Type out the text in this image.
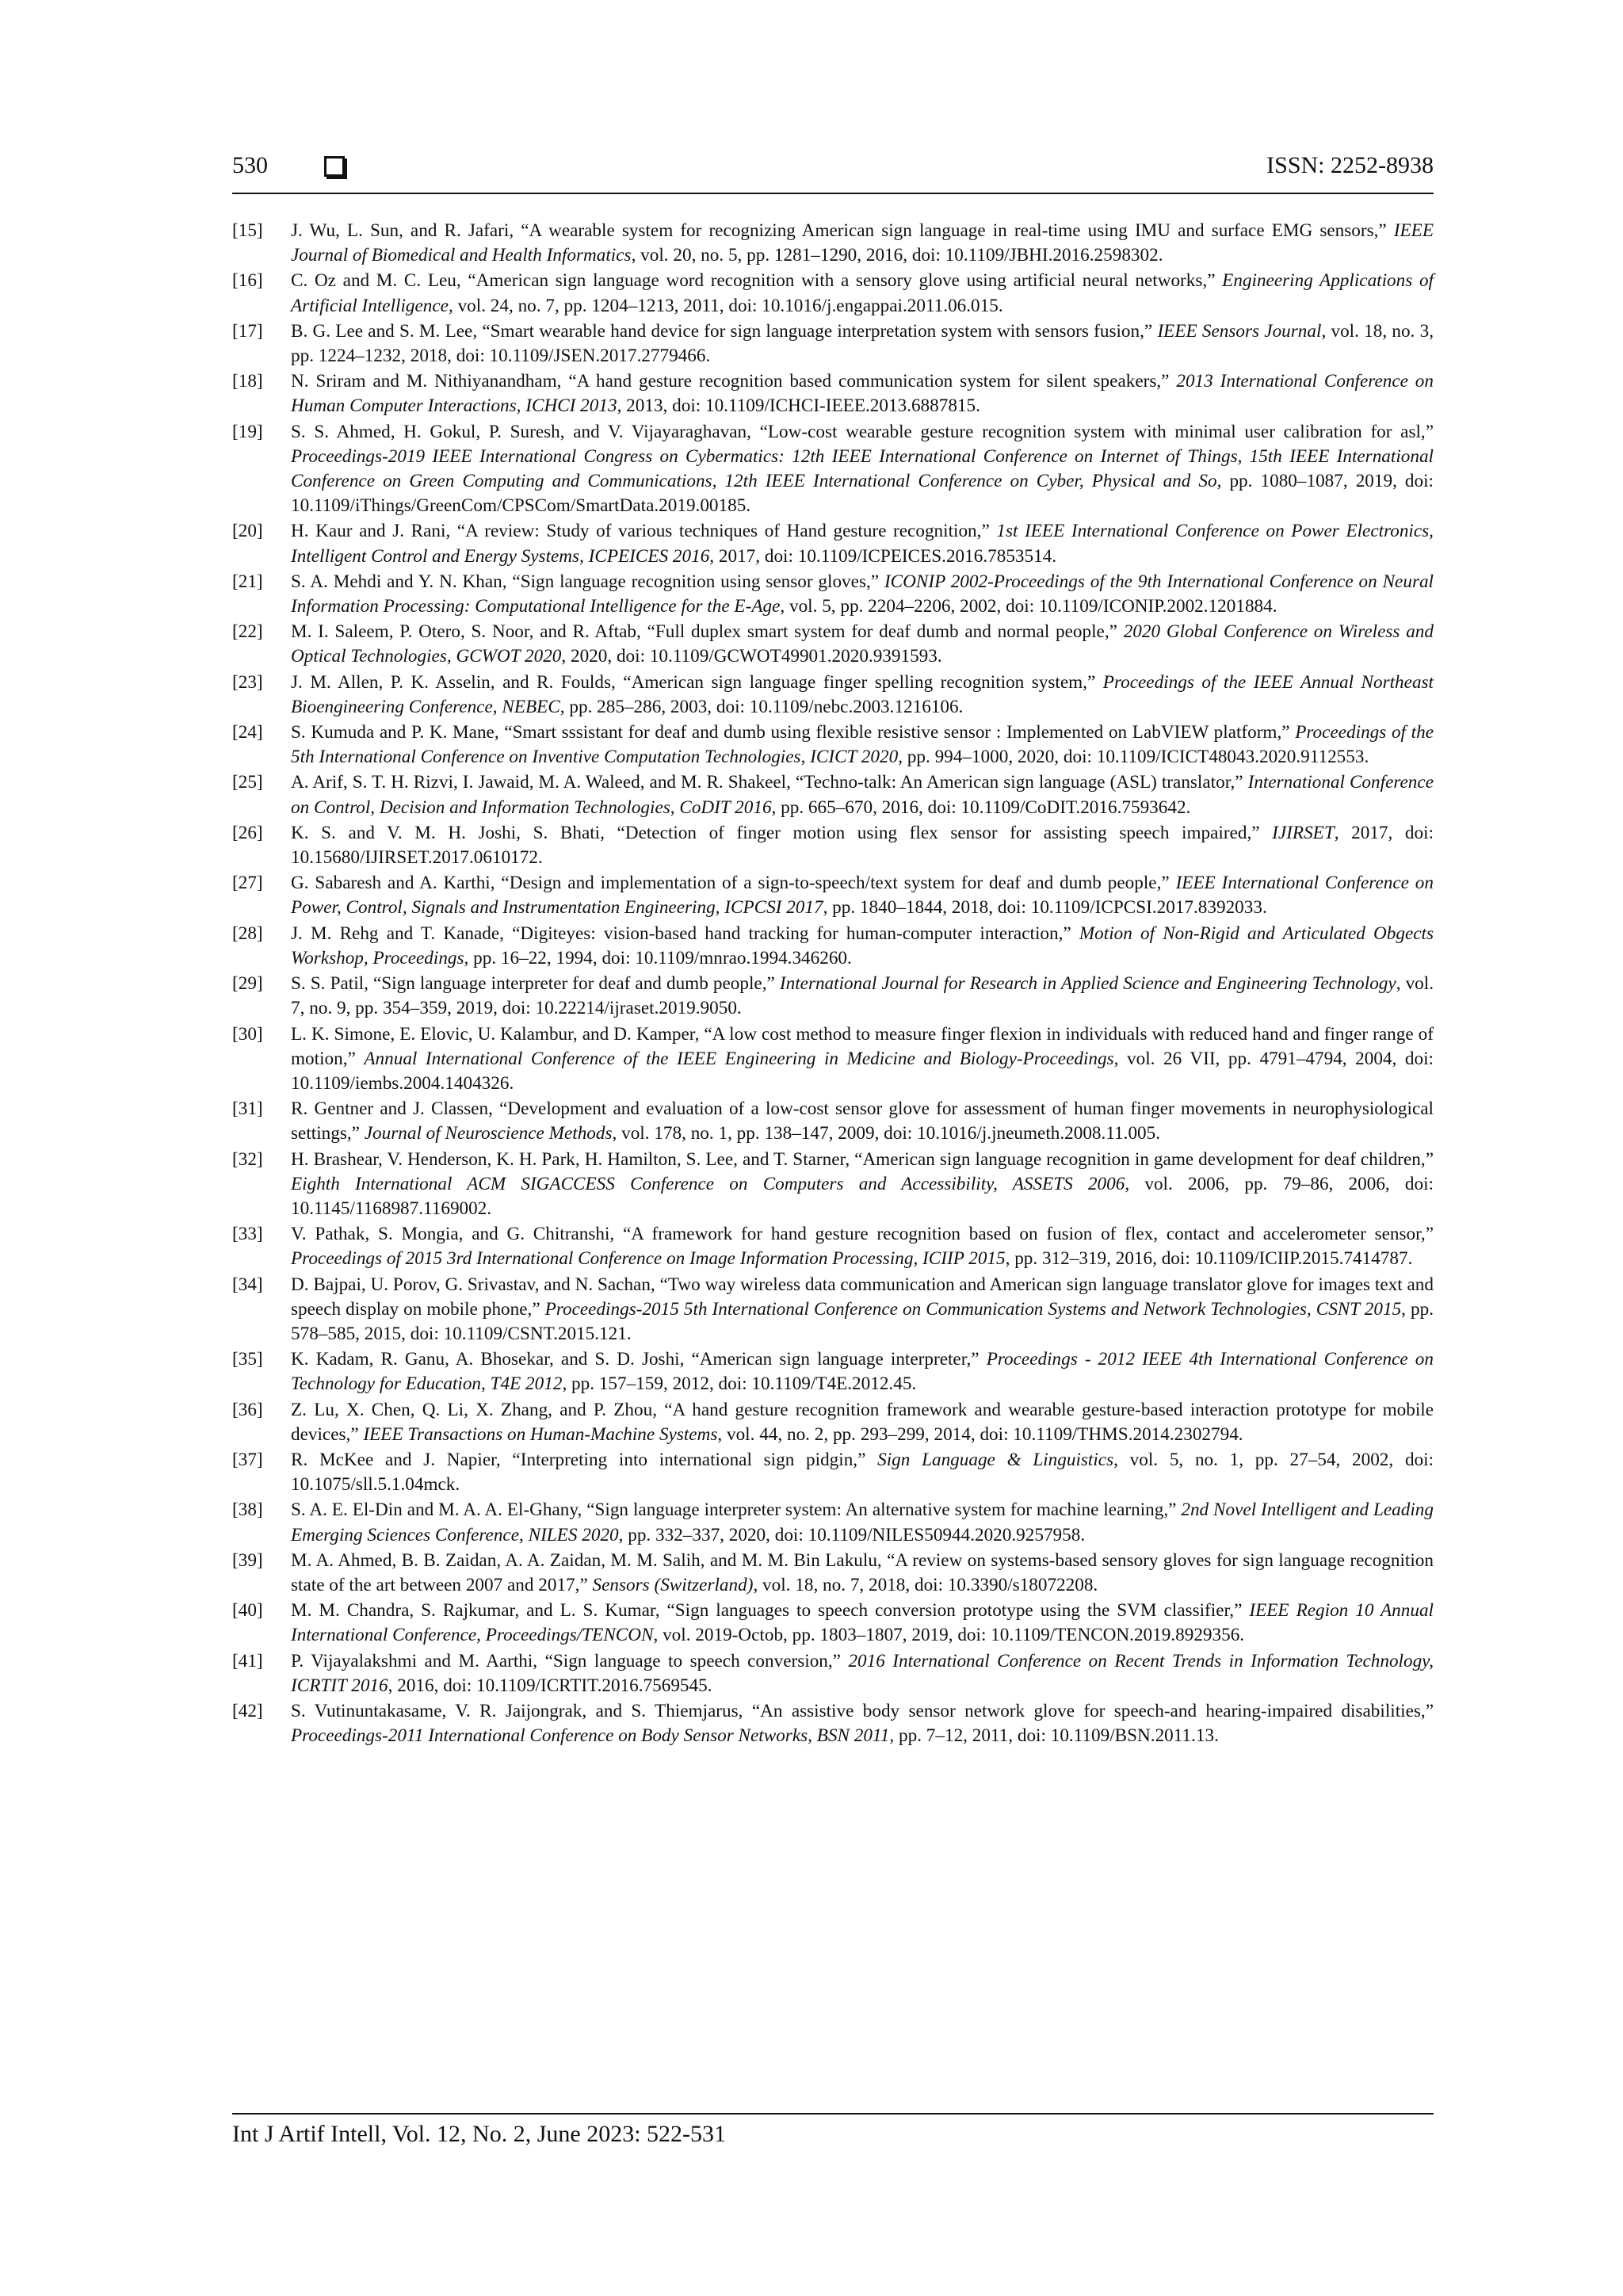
530	ISSN: 2252-8938
[15]	J. Wu, L. Sun, and R. Jafari, “A wearable system for recognizing American sign language in real-time using IMU and surface EMG sensors,” IEEE Journal of Biomedical and Health Informatics, vol. 20, no. 5, pp. 1281–1290, 2016, doi: 10.1109/JBHI.2016.2598302.
[16]	C. Oz and M. C. Leu, “American sign language word recognition with a sensory glove using artificial neural networks,” Engineering Applications of Artificial Intelligence, vol. 24, no. 7, pp. 1204–1213, 2011, doi: 10.1016/j.engappai.2011.06.015.
[17]	B. G. Lee and S. M. Lee, “Smart wearable hand device for sign language interpretation system with sensors fusion,” IEEE Sensors Journal, vol. 18, no. 3, pp. 1224–1232, 2018, doi: 10.1109/JSEN.2017.2779466.
[18]	N. Sriram and M. Nithiyanandham, “A hand gesture recognition based communication system for silent speakers,” 2013 International Conference on Human Computer Interactions, ICHCI 2013, 2013, doi: 10.1109/ICHCI-IEEE.2013.6887815.
[19]	S. S. Ahmed, H. Gokul, P. Suresh, and V. Vijayaraghavan, “Low-cost wearable gesture recognition system with minimal user calibration for asl,” Proceedings-2019 IEEE International Congress on Cybermatics: 12th IEEE International Conference on Internet of Things, 15th IEEE International Conference on Green Computing and Communications, 12th IEEE International Conference on Cyber, Physical and So, pp. 1080–1087, 2019, doi: 10.1109/iThings/GreenCom/CPSCom/SmartData.2019.00185.
[20]	H. Kaur and J. Rani, “A review: Study of various techniques of Hand gesture recognition,” 1st IEEE International Conference on Power Electronics, Intelligent Control and Energy Systems, ICPEICES 2016, 2017, doi: 10.1109/ICPEICES.2016.7853514.
[21]	S. A. Mehdi and Y. N. Khan, “Sign language recognition using sensor gloves,” ICONIP 2002-Proceedings of the 9th International Conference on Neural Information Processing: Computational Intelligence for the E-Age, vol. 5, pp. 2204–2206, 2002, doi: 10.1109/ICONIP.2002.1201884.
[22]	M. I. Saleem, P. Otero, S. Noor, and R. Aftab, “Full duplex smart system for deaf dumb and normal people,” 2020 Global Conference on Wireless and Optical Technologies, GCWOT 2020, 2020, doi: 10.1109/GCWOT49901.2020.9391593.
[23]	J. M. Allen, P. K. Asselin, and R. Foulds, “American sign language finger spelling recognition system,” Proceedings of the IEEE Annual Northeast Bioengineering Conference, NEBEC, pp. 285–286, 2003, doi: 10.1109/nebc.2003.1216106.
[24]	S. Kumuda and P. K. Mane, “Smart sssistant for deaf and dumb using flexible resistive sensor : Implemented on LabVIEW platform,” Proceedings of the 5th International Conference on Inventive Computation Technologies, ICICT 2020, pp. 994–1000, 2020, doi: 10.1109/ICICT48043.2020.9112553.
[25]	A. Arif, S. T. H. Rizvi, I. Jawaid, M. A. Waleed, and M. R. Shakeel, “Techno-talk: An American sign language (ASL) translator,” International Conference on Control, Decision and Information Technologies, CoDIT 2016, pp. 665–670, 2016, doi: 10.1109/CoDIT.2016.7593642.
[26]	K. S. and V. M. H. Joshi, S. Bhati, “Detection of finger motion using flex sensor for assisting speech impaired,” IJIRSET, 2017, doi: 10.15680/IJIRSET.2017.0610172.
[27]	G. Sabaresh and A. Karthi, “Design and implementation of a sign-to-speech/text system for deaf and dumb people,” IEEE International Conference on Power, Control, Signals and Instrumentation Engineering, ICPCSI 2017, pp. 1840–1844, 2018, doi: 10.1109/ICPCSI.2017.8392033.
[28]	J. M. Rehg and T. Kanade, “Digiteyes: vision-based hand tracking for human-computer interaction,” Motion of Non-Rigid and Articulated Obgects Workshop, Proceedings, pp. 16–22, 1994, doi: 10.1109/mnrao.1994.346260.
[29]	S. S. Patil, “Sign language interpreter for deaf and dumb people,” International Journal for Research in Applied Science and Engineering Technology, vol. 7, no. 9, pp. 354–359, 2019, doi: 10.22214/ijraset.2019.9050.
[30]	L. K. Simone, E. Elovic, U. Kalambur, and D. Kamper, “A low cost method to measure finger flexion in individuals with reduced hand and finger range of motion,” Annual International Conference of the IEEE Engineering in Medicine and Biology-Proceedings, vol. 26 VII, pp. 4791–4794, 2004, doi: 10.1109/iembs.2004.1404326.
[31]	R. Gentner and J. Classen, “Development and evaluation of a low-cost sensor glove for assessment of human finger movements in neurophysiological settings,” Journal of Neuroscience Methods, vol. 178, no. 1, pp. 138–147, 2009, doi: 10.1016/j.jneumeth.2008.11.005.
[32]	H. Brashear, V. Henderson, K. H. Park, H. Hamilton, S. Lee, and T. Starner, “American sign language recognition in game development for deaf children,” Eighth International ACM SIGACCESS Conference on Computers and Accessibility, ASSETS 2006, vol. 2006, pp. 79–86, 2006, doi: 10.1145/1168987.1169002.
[33]	V. Pathak, S. Mongia, and G. Chitranshi, “A framework for hand gesture recognition based on fusion of flex, contact and accelerometer sensor,” Proceedings of 2015 3rd International Conference on Image Information Processing, ICIIP 2015, pp. 312–319, 2016, doi: 10.1109/ICIIP.2015.7414787.
[34]	D. Bajpai, U. Porov, G. Srivastav, and N. Sachan, “Two way wireless data communication and American sign language translator glove for images text and speech display on mobile phone,” Proceedings-2015 5th International Conference on Communication Systems and Network Technologies, CSNT 2015, pp. 578–585, 2015, doi: 10.1109/CSNT.2015.121.
[35]	K. Kadam, R. Ganu, A. Bhosekar, and S. D. Joshi, “American sign language interpreter,” Proceedings - 2012 IEEE 4th International Conference on Technology for Education, T4E 2012, pp. 157–159, 2012, doi: 10.1109/T4E.2012.45.
[36]	Z. Lu, X. Chen, Q. Li, X. Zhang, and P. Zhou, “A hand gesture recognition framework and wearable gesture-based interaction prototype for mobile devices,” IEEE Transactions on Human-Machine Systems, vol. 44, no. 2, pp. 293–299, 2014, doi: 10.1109/THMS.2014.2302794.
[37]	R. McKee and J. Napier, “Interpreting into international sign pidgin,” Sign Language & Linguistics, vol. 5, no. 1, pp. 27–54, 2002, doi: 10.1075/sll.5.1.04mck.
[38]	S. A. E. El-Din and M. A. A. El-Ghany, “Sign language interpreter system: An alternative system for machine learning,” 2nd Novel Intelligent and Leading Emerging Sciences Conference, NILES 2020, pp. 332–337, 2020, doi: 10.1109/NILES50944.2020.9257958.
[39]	M. A. Ahmed, B. B. Zaidan, A. A. Zaidan, M. M. Salih, and M. M. Bin Lakulu, “A review on systems-based sensory gloves for sign language recognition state of the art between 2007 and 2017,” Sensors (Switzerland), vol. 18, no. 7, 2018, doi: 10.3390/s18072208.
[40]	M. M. Chandra, S. Rajkumar, and L. S. Kumar, “Sign languages to speech conversion prototype using the SVM classifier,” IEEE Region 10 Annual International Conference, Proceedings/TENCON, vol. 2019-Octob, pp. 1803–1807, 2019, doi: 10.1109/TENCON.2019.8929356.
[41]	P. Vijayalakshmi and M. Aarthi, “Sign language to speech conversion,” 2016 International Conference on Recent Trends in Information Technology, ICRTIT 2016, 2016, doi: 10.1109/ICRTIT.2016.7569545.
[42]	S. Vutinuntakasame, V. R. Jaijongrak, and S. Thiemjarus, “An assistive body sensor network glove for speech-and hearing-impaired disabilities,” Proceedings-2011 International Conference on Body Sensor Networks, BSN 2011, pp. 7–12, 2011, doi: 10.1109/BSN.2011.13.
Int J Artif Intell, Vol. 12, No. 2, June 2023: 522-531
